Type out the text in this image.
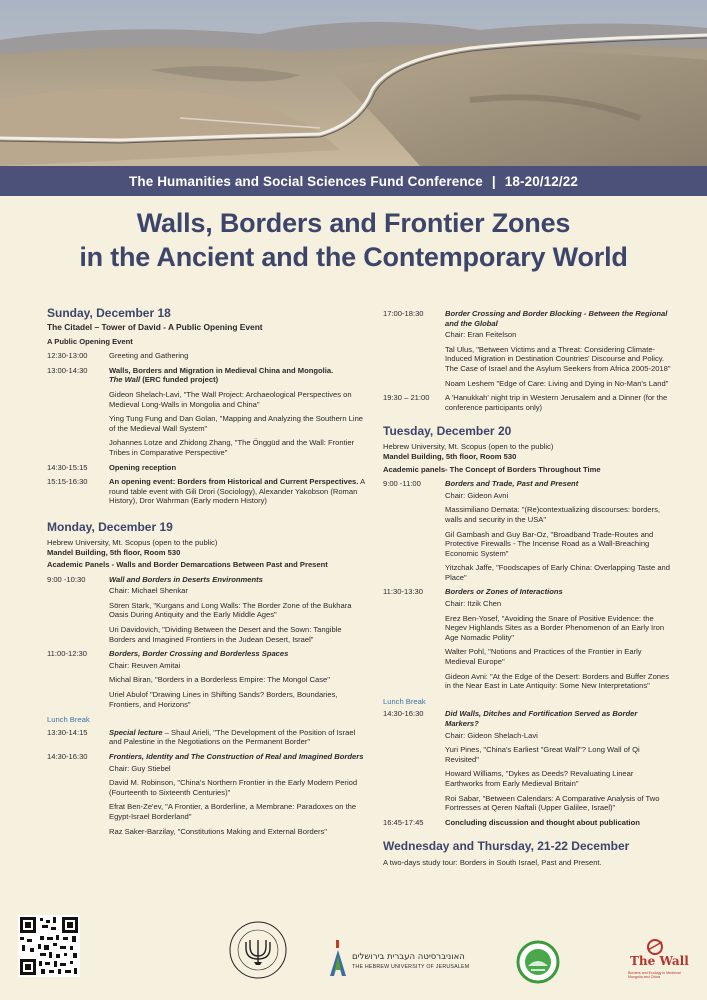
The Humanities and Social Sciences Fund Conference | 18-20/12/22
Walls, Borders and Frontier Zones
in the Ancient and the Contemporary World
Sunday, December 18
The Citadel – Tower of David - A Public Opening Event
A Public Opening Event
12:30-13:00	Greeting and Gathering
13:00-14:30	Walls, Borders and Migration in Medieval China and Mongolia.
The Wall (ERC funded project)
Gideon Shelach-Lavi, "The Wall Project: Archaeological Perspectives on Medieval Long-Walls in Mongolia and China"
Ying Tung Fung and Dan Golan, "Mapping and Analyzing the Southern Line of the Medieval Wall System"
Johannes Lotze and Zhidong Zhang, "The Önggüd and the Wall: Frontier Tribes in Comparative Perspective"
14:30-15:15	Opening reception
15:15-16:30	An opening event: Borders from Historical and Current Perspectives. A round table event with Gili Drori (Sociology), Alexander Yakobson (Roman History), Dror Wahrman (Early modern History)
Monday, December 19
Hebrew University, Mt. Scopus (open to the public)
Mandel Building, 5th floor, Room 530
Academic Panels - Walls and Border Demarcations Between Past and Present
9:00 -10:30	Wall and Borders in Deserts Environments
Chair: Michael Shenkar
Sören Stark, "Kurgans and Long Walls: The Border Zone of the Bukhara Oasis During Antiquity and the Early Middle Ages"
Uri Davidovich, "Dividing Between the Desert and the Sown: Tangible Borders and Imagined Frontiers in the Judean Desert, Israel"
11:00-12:30	Borders, Border Crossing and Borderless Spaces
Chair: Reuven Amitai
Michal Biran, "Borders in a Borderless Empire: The Mongol Case"
Uriel Abulof "Drawing Lines in Shifting Sands? Borders, Boundaries, Frontiers, and Horizons"
Lunch Break
13:30-14:15	Special lecture – Shaul Arieli, "The Development of the Position of Israel and Palestine in the Negotiations on the Permanent Border"
14:30-16:30	Frontiers, Identity and The Construction of Real and Imagined Borders
Chair: Guy Stiebel
David M. Robinson, "China's Northern Frontier in the Early Modern Period (Fourteenth to Sixteenth Centuries)"
Efrat Ben-Ze'ev, "A Frontier, a Borderline, a Membrane: Paradoxes on the Egypt-Israel Borderland"
Raz Saker-Barzilay, "Constitutions Making and External Borders"
17:00-18:30	Border Crossing and Border Blocking - Between the Regional and the Global
Chair: Eran Feitelson
Tal Ulus, "Between Victims and a Threat: Considering Climate-Induced Migration in Destination Countries' Discourse and Policy. The Case of Israel and the Asylum Seekers from Africa 2005-2018"
Noam Leshem "Edge of Care: Living and Dying in No-Man's Land"
19:30 – 21:00	A 'Hanukkah' night trip in Western Jerusalem and a Dinner (for the conference participants only)
Tuesday, December 20
Hebrew University, Mt. Scopus (open to the public)
Mandel Building, 5th floor, Room 530
Academic panels- The Concept of Borders Throughout Time
9:00 -11:00	Borders and Trade, Past and Present
Chair: Gideon Avni
Massimiliano Demata: "(Re)contextualizing discourses: borders, walls and security in the USA"
Gil Gambash and Guy Bar-Oz, "Broadband Trade-Routes and Protective Firewalls - The Incense Road as a Wall-Breaching Economic System"
Yitzchak Jaffe, "Foodscapes of Early China: Overlapping Taste and Place"
11:30-13:30	Borders or Zones of Interactions
Chair: Itzik Chen
Erez Ben-Yosef, "Avoiding the Snare of Positive Evidence: the Negev Highlands Sites as a Border Phenomenon of an Early Iron Age Nomadic Polity"
Walter Pohl, "Notions and Practices of the Frontier in Early Medieval Europe"
Gideon Avni: "At the Edge of the Desert: Borders and Buffer Zones in the Near East in Late Antiquity: Some New Interpretations"
Lunch Break
14:30-16:30	Did Walls, Ditches and Fortification Served as Border Markers?
Chair: Gideon Shelach-Lavi
Yuri Pines, "China's Earliest "Great Wall"? Long Wall of Qi Revisited"
Howard Williams, "Dykes as Deeds? Revaluating Linear Earthworks from Early Medieval Britain"
Roi Sabar, "Between Calendars: A Comparative Analysis of Two Fortresses at Qeren Naftali (Upper Galilee, Israel)"
16:45-17:45	Concluding discussion and thought about publication
Wednesday and Thursday, 21-22 December
A two-days study tour: Borders in South Israel, Past and Present.
האוניברסיטה העברית בירושלים
THE HEBREW UNIVERSITY OF JERUSALEM	The Wall
Borders and Ecology in Medieval Mongolia and China
